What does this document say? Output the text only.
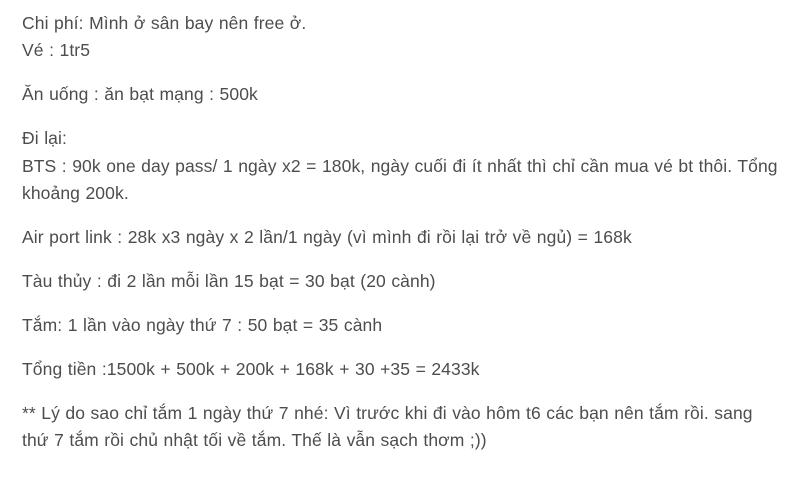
Chi phí: Mình ở sân bay nên free ở.

Vé : 1tr5

Ăn uống : ăn bạt mạng : 500k

Đi lại:

BTS : 90k one day pass/ 1 ngày x2 = 180k, ngày cuối đi ít nhất thì chỉ cần mua vé bt thôi. Tổng khoảng 200k.

Air port link : 28k x3 ngày x 2 lần/1 ngày (vì mình đi rồi lại trở về ngủ) = 168k

Tàu thủy : đi 2 lần mỗi lần 15 bạt = 30 bạt (20 cành)

Tắm: 1 lần vào ngày thứ 7 : 50 bạt = 35 cành

Tổng tiền :1500k + 500k + 200k + 168k + 30 +35 = 2433k

** Lý do sao chỉ tắm 1 ngày thứ 7 nhé: Vì trước khi đi vào hôm t6 các bạn nên tắm rồi. sang thứ 7 tắm rồi chủ nhật tối về tắm. Thế là vẫn sạch thơm ;))
